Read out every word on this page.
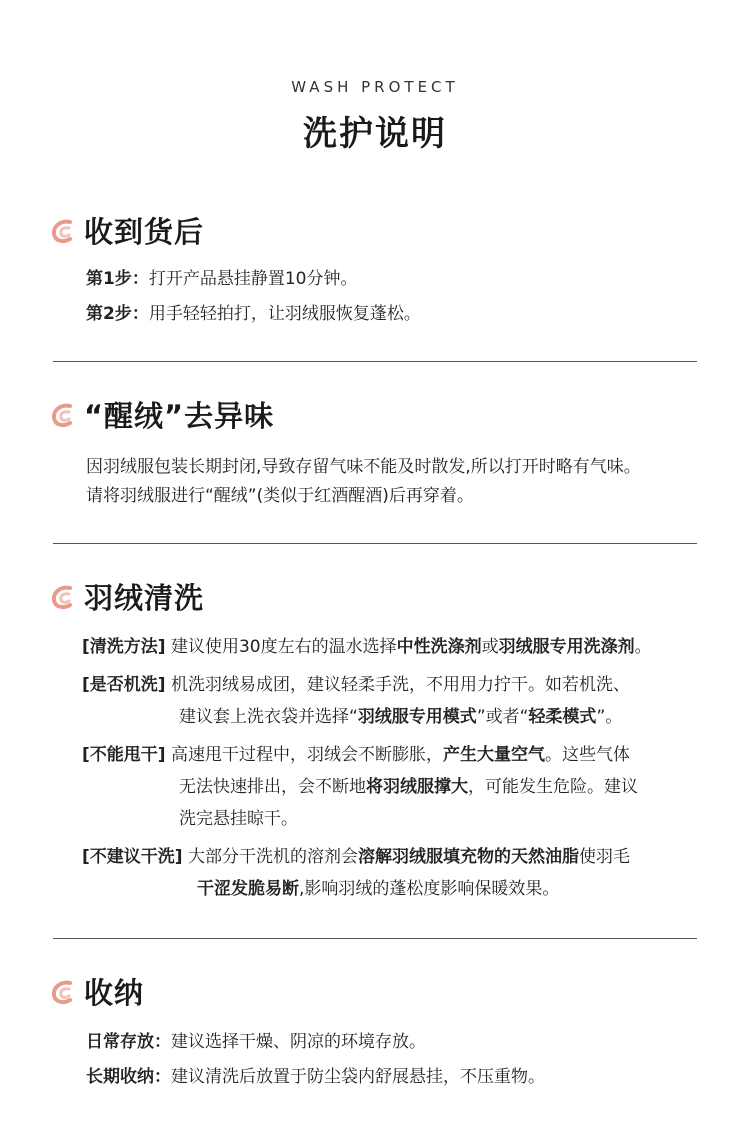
WASH PROTECT
洗护说明
收到货后
第1步：打开产品悬挂静置10分钟。
第2步：用手轻轻拍打，让羽绒服恢复蓬松。
“醒绒”去异味
因羽绒服包装长期封闭,导致存留气味不能及时散发,所以打开时略有气味。
请将羽绒服进行“醒绒”(类似于红酒醒酒)后再穿着。
羽绒清洗
[清洗方法] 建议使用30度左右的温水选择中性洗涤剂或羽绒服专用洗涤剂。
[是否机洗] 机洗羽绒易成团，建议轻柔手洗，不用用力拧干。如若机洗、
建议套上洗衣袋并选择“羽绒服专用模式”或者“轻柔模式”。
[不能甩干] 高速甩干过程中，羽绒会不断膨胀，产生大量空气。这些气体
无法快速排出，会不断地将羽绒服撑大，可能发生危险。建议
洗完悬挂晾干。
[不建议干洗] 大部分干洗机的溶剂会溶解羽绒服填充物的天然油脂使羽毛
干涩发脆易断,影响羽绒的蓬松度影响保暖效果。
收纳
日常存放：建议选择干燥、阴凉的环境存放。
长期收纳：建议清洗后放置于防尘袋内舒展悬挂，不压重物。
